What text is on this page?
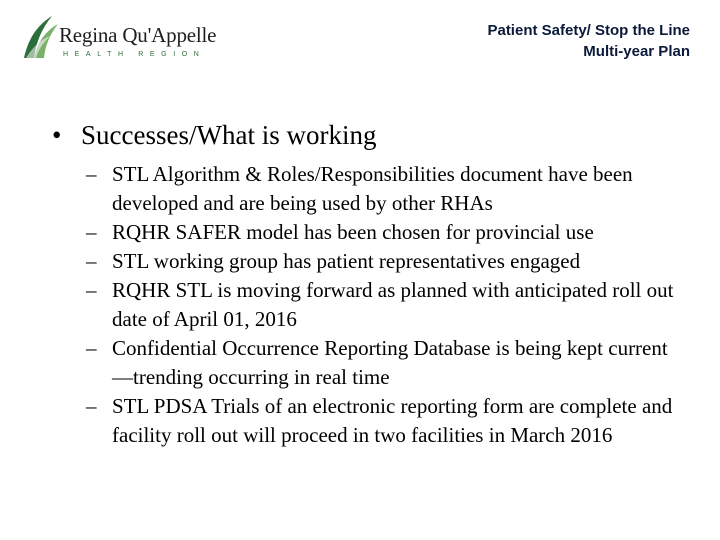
Regina Qu'Appelle
HEALTH REGION
Patient Safety/ Stop the Line
Multi-year Plan
• Successes/What is working
– STL Algorithm & Roles/Responsibilities document have been developed and are being used by other RHAs
– RQHR SAFER model has been chosen for provincial use
– STL working group has patient representatives engaged
– RQHR STL is moving forward as planned with anticipated roll out date of April 01, 2016
– Confidential Occurrence Reporting Database is being kept current—trending occurring in real time
– STL PDSA Trials of an electronic reporting form are complete and facility roll out will proceed in two facilities in March 2016
